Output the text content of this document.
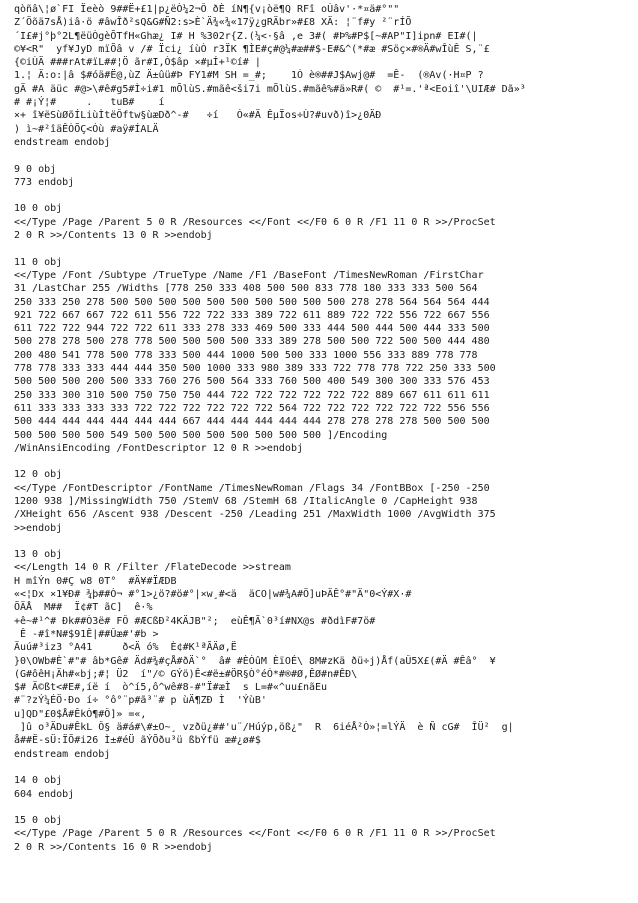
qòñâ\¦ø`FI Ïeèò 9##Ë+£1|p¿ëÒ¼2¬Ô ðÈ íN¶{v¡òë¶Q RFî oÙâv'·*¤ä#°""
Z´Öõä7sÅ)iâ·ö #âwÎð²sQ&G#Ñ2:s>È`Ä¾«¾«17ÿ¿gRÄbr»#£8 XÄ: ¦¨f#y ²¨rÍÕ
´I£#j°þ°2L¶ëüÒgèÕTfH«Ghæ¿ I# H %302r{Z.(¼<·§â ,e 3#( #Þ%#P$[~#AP"I]ipn# EI#(|
©¥<R"  yf¥JyD mïÕâ v /# Ïci¿ íùÒ r3ÏK ¶ÌE#ç#@¼#æ##$-E#&^(*#æ #Söç×#®Ä#wÎùÊ S,¨£
{©iÙÄ ###rAt#ïL##¦Ö ãr#I,Ò$âp ×#µÍ+¹©í# |
1.¦ Ä:o:|â $#óä#Ë@,ùZ Ä±ûü#Þ FY1#M SH =_#;    1Ó è®##J$Awj@#  =Ê-  (®Av(·H¤P ?
gÄ #A äüc #@>\#ê#g5#Ì÷i#1 mÕlùS.#mãê<ši7i mÕlùS.#mãê%#ä»R#( ©  #¹=.'ª<Eoiî'\UIÆ# Dã»³
# #¡Ý¦#     .   tuB#    í
×+ î¥ëSùØõÍLiùÌtëÔftw§ùæDð^-#   ÷í   Ó«#Ä ÊµÏos÷Ù?#uvð)î>¿0ÄÐ
) ì~#²îäÊÒÕÇ<Óù #aÿ#ÍALÄ
endstream endobj
9 0 obj
773 endobj
10 0 obj
<</Type /Page /Parent 5 0 R /Resources <</Font <</F0 6 0 R /F1 11 0 R >>/ProcSet
2 0 R >>/Contents 13 0 R >>endobj
11 0 obj
<</Type /Font /Subtype /TrueType /Name /F1 /BaseFont /TimesNewRoman /FirstChar
31 /LastChar 255 /Widths [778 250 333 408 500 500 833 778 180 333 333 500 564
250 333 250 278 500 500 500 500 500 500 500 500 500 500 278 278 564 564 564 444
921 722 667 667 722 611 556 722 722 333 389 722 611 889 722 722 556 722 667 556
611 722 722 944 722 722 611 333 278 333 469 500 333 444 500 444 500 444 333 500
500 278 278 500 278 778 500 500 500 500 333 389 278 500 500 722 500 500 444 480
200 480 541 778 500 778 333 500 444 1000 500 500 333 1000 556 333 889 778 778
778 778 333 333 444 444 350 500 1000 333 980 389 333 722 778 778 722 250 333 500
500 500 500 200 500 333 760 276 500 564 333 760 500 400 549 300 300 333 576 453
250 333 300 310 500 750 750 750 444 722 722 722 722 722 722 889 667 611 611 611
611 333 333 333 333 722 722 722 722 722 722 564 722 722 722 722 722 722 556 556
500 444 444 444 444 444 444 667 444 444 444 444 444 278 278 278 278 500 500 500
500 500 500 500 549 500 500 500 500 500 500 500 500 ]/Encoding
/WinAnsiEncoding /FontDescriptor 12 0 R >>endobj
12 0 obj
<</Type /FontDescriptor /FontName /TimesNewRoman /Flags 34 /FontBBox [-250 -250
1200 938 ]/MissingWidth 750 /StemV 68 /StemH 68 /ItalicAngle 0 /CapHeight 938
/XHeight 656 /Ascent 938 /Descent -250 /Leading 251 /MaxWidth 1000 /AvgWidth 375
>>endobj
13 0 obj
<</Length 14 0 R /Filter /FlateDecode >>stream
H mîÝn 0#Ç w8 0T°  #Ä¥#ÏÆDB
«<¦Dx ×1¥Ð# ¾þ##Ò¬ #°1>¿ö?#ö#°|×w¸#<ä  äCO|w#¾A#Ö]uÞÄÊ°#"Ä"0<Ý#X·#
ÕÄÅ  M##  Ï¢#T ãC]  ê·%
+ê~#¹^# Ðk##Ò3ë# FÔ #ÆCßÐ²4KÄJB"²;  eùÊ¶Ã`0³í#NX@s #ðdìF#7ö#
Ê -#î*N#$91Ê|##Ûæ#'#b >
Äuú#³iz3 °A41     ð<Ä ó%  È¢#K¹ªÃÄø,Ë
}0\OWb#È`#"# âb*Gê# Äd#¾#çÅ#ðÄ`°  â# #ÈÒûM ÈïOÉ\ 8M#zKä ðü÷j)Åf(aÛ5X£(#Ä #Êâ°  ¥
(G#ôêH¡Äh#«bj;#¦ Ü2  í"/© GÝö)Ê<#ë±#ÖR§Ò°éÓ*#®#Ø,ÊØ#n#ÊÐ\
$# Ä©ßt<#E#,íë í  ò^í5,ô^wê#8-#"Ï#æÌ  s L=#«^uu£nãEu
#¨?zÝ¼ÉÖ·Ðo í÷ °ô°¨p#ã³¨# p ùÄ¶ZÐ Ì  'ÝùB'
u]QD"£0$Å#ÊkÒ¶#Ô]» =«,
]û o³ÄDu#ÊkL Ô§ ä#á#\#±O~¸ vzðü¿##'u¨/Húýp,öß¿"  R  6iéÅ²Ò»¦=lÝÄ  è Ñ cG#  ÎÜ²  g|
å##Ë-sÜ:ÏÕ#i26 Ì±#éÜ ãÝÕðu³ü ßbÝfü æ#¿ø#$
endstream endobj
14 0 obj
604 endobj
15 0 obj
<</Type /Page /Parent 5 0 R /Resources <</Font <</F0 6 0 R /F1 11 0 R >>/ProcSet
2 0 R >>/Contents 16 0 R >>endobj
